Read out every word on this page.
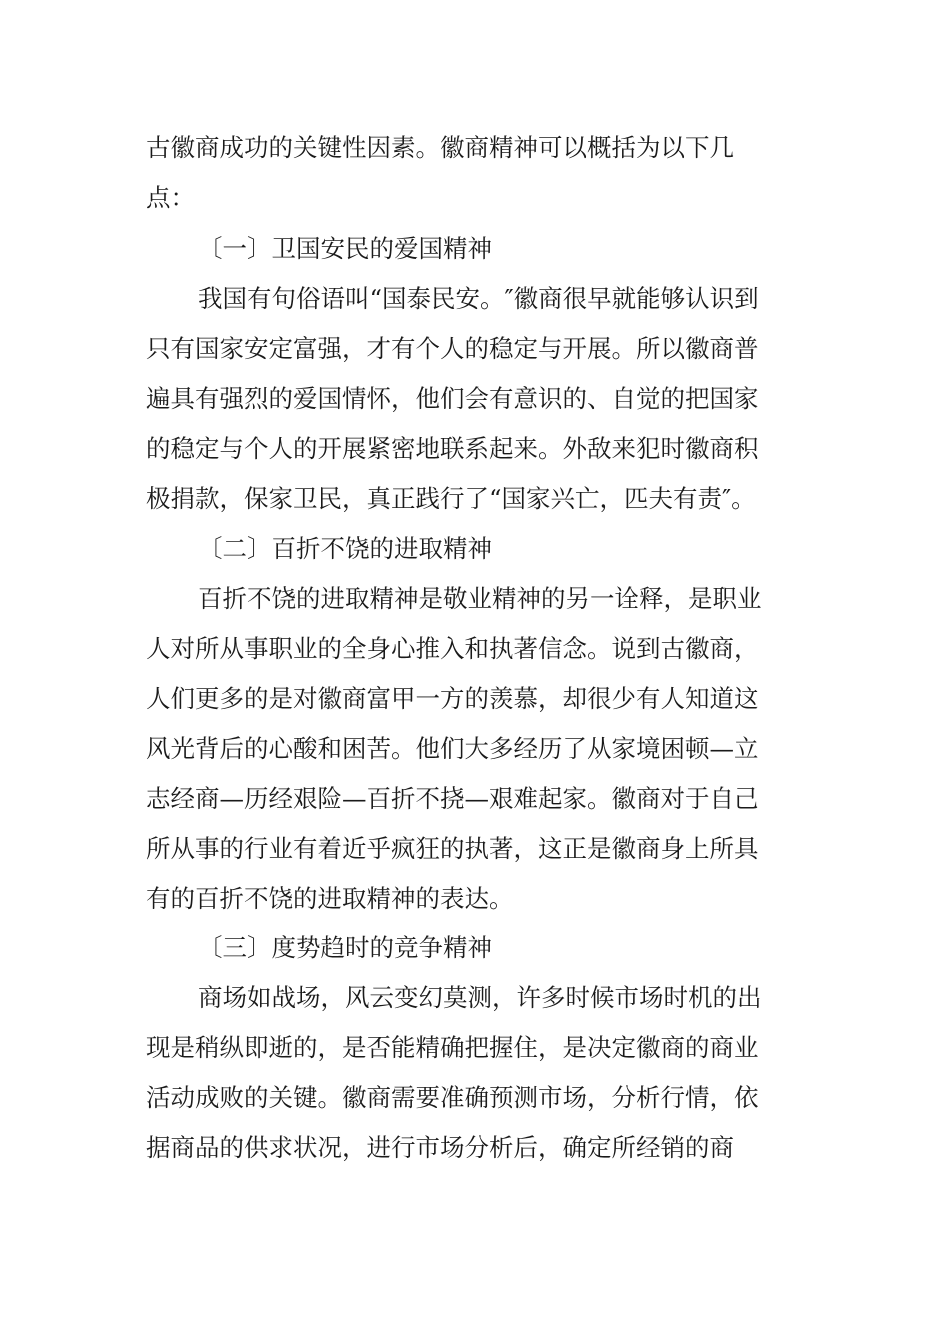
古徽商成功的关键性因素。徽商精神可以概括为以下几

点：

〔一〕卫国安民的爱国精神

我国有句俗语叫“国泰民安。″徽商很早就能够认识到

只有国家安定富强，才有个人的稳定与开展。所以徽商普

遍具有强烈的爱国情怀，他们会有意识的、自觉的把国家

的稳定与个人的开展紧密地联系起来。外敌来犯时徽商积

极捐款，保家卫民，真正践行了“国家兴亡，匹夫有责″。

〔二〕百折不饶的进取精神

百折不饶的进取精神是敬业精神的另一诠释，是职业

人对所从事职业的全身心推入和执著信念。说到古徽商，

人们更多的是对徽商富甲一方的羡慕，却很少有人知道这

风光背后的心酸和困苦。他们大多经历了从家境困顿—立

志经商—历经艰险—百折不挠—艰难起家。徽商对于自己

所从事的行业有着近乎疯狂的执著，这正是徽商身上所具

有的百折不饶的进取精神的表达。

〔三〕度势趋时的竞争精神

商场如战场，风云变幻莫测，许多时候市场时机的出

现是稍纵即逝的，是否能精确把握住，是决定徽商的商业

活动成败的关键。徽商需要准确预测市场，分析行情，依

据商品的供求状况，进行市场分析后，确定所经销的商
